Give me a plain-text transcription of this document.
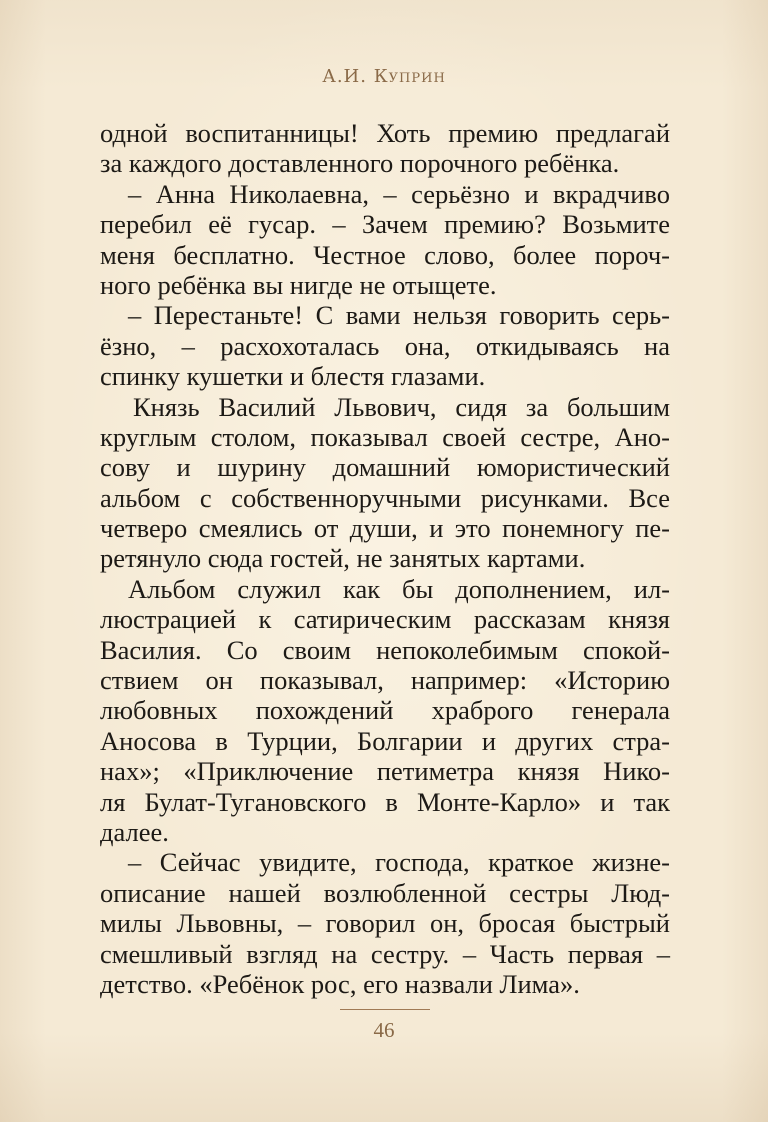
А.И. Куприн
одной воспитанницы! Хоть премию предлагай
за каждого доставленного порочного ребёнка.
– Анна Николаевна, – серьёзно и вкрадчиво
перебил её гусар. – Зачем премию? Возьмите
меня бесплатно. Честное слово, более пороч-
ного ребёнка вы нигде не отыщете.
– Перестаньте! С вами нельзя говорить серь-
ёзно, – расхохоталась она, откидываясь на
спинку кушетки и блестя глазами.
Князь Василий Львович, сидя за большим
круглым столом, показывал своей сестре, Ано-
сову и шурину домашний юмористический
альбом с собственноручными рисунками. Все
четверо смеялись от души, и это понемногу пе-
ретянуло сюда гостей, не занятых картами.
Альбом служил как бы дополнением, ил-
люстрацией к сатирическим рассказам князя
Василия. Со своим непоколебимым спокой-
ствием он показывал, например: «Историю
любовных похождений храброго генерала
Аносова в Турции, Болгарии и других стра-
нах»; «Приключение петиметра князя Нико-
ля Булат-Тугановского в Монте-Карло» и так
далее.
– Сейчас увидите, господа, краткое жизне-
описание нашей возлюбленной сестры Люд-
милы Львовны, – говорил он, бросая быстрый
смешливый взгляд на сестру. – Часть первая –
детство. «Ребёнок рос, его назвали Лима».
46
